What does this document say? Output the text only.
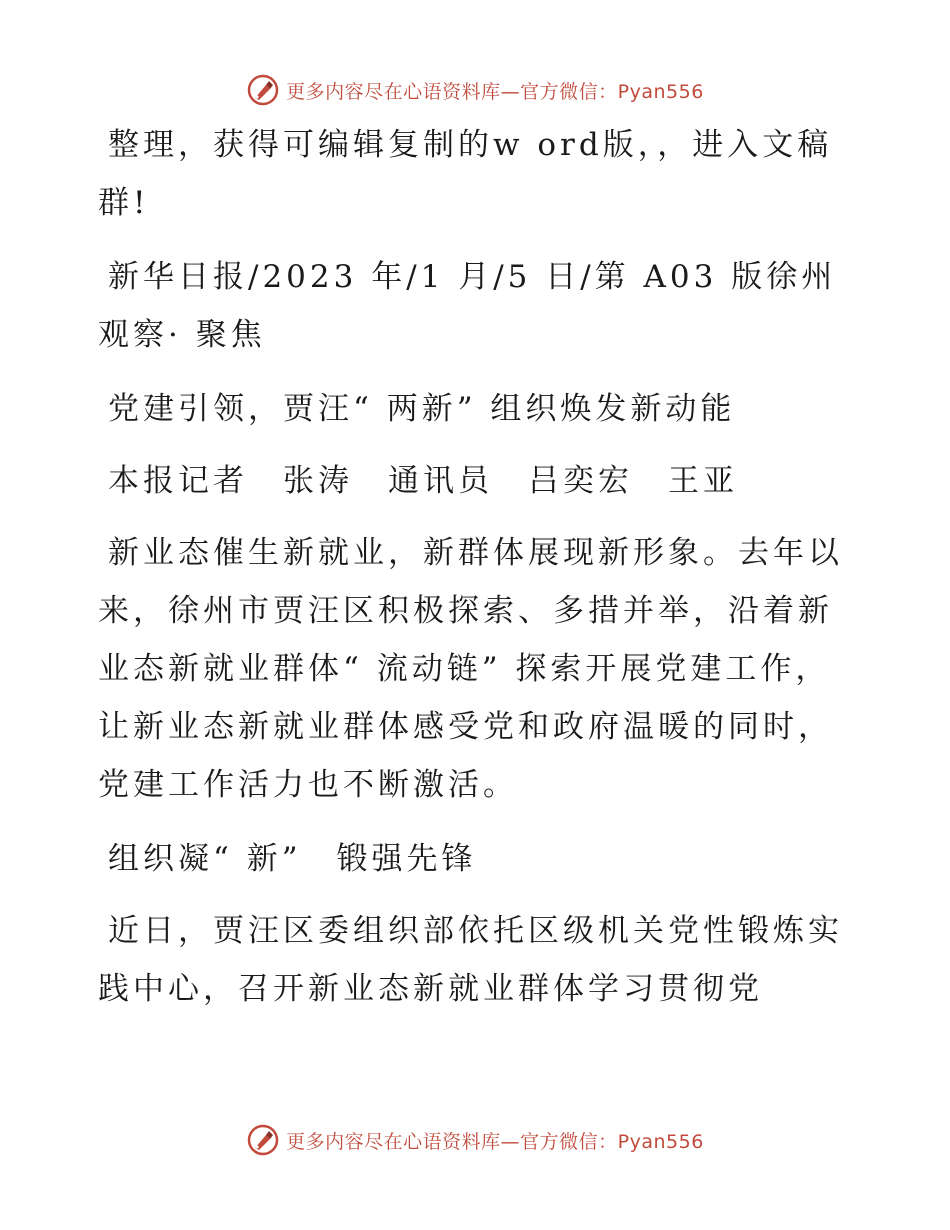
更多内容尽在心语资料库—官方微信：Pyan556

整理，获得可编辑复制的w ord版，，进入文稿群!

新华日报/2023 年/1 月/5 日/第 A03 版徐州观察· 聚焦

党建引领，贾汪“ 两新” 组织焕发新动能

本报记者　张涛　通讯员　吕奕宏　王亚

新业态催生新就业，新群体展现新形象。去年以来，徐州市贾汪区积极探索、多措并举，沿着新业态新就业群体“ 流动链” 探索开展党建工作，让新业态新就业群体感受党和政府温暖的同时，党建工作活力也不断激活。

组织凝“ 新”　锻强先锋

近日，贾汪区委组织部依托区级机关党性锻炼实践中心，召开新业态新就业群体学习贯彻党

更多内容尽在心语资料库—官方微信：Pyan556
